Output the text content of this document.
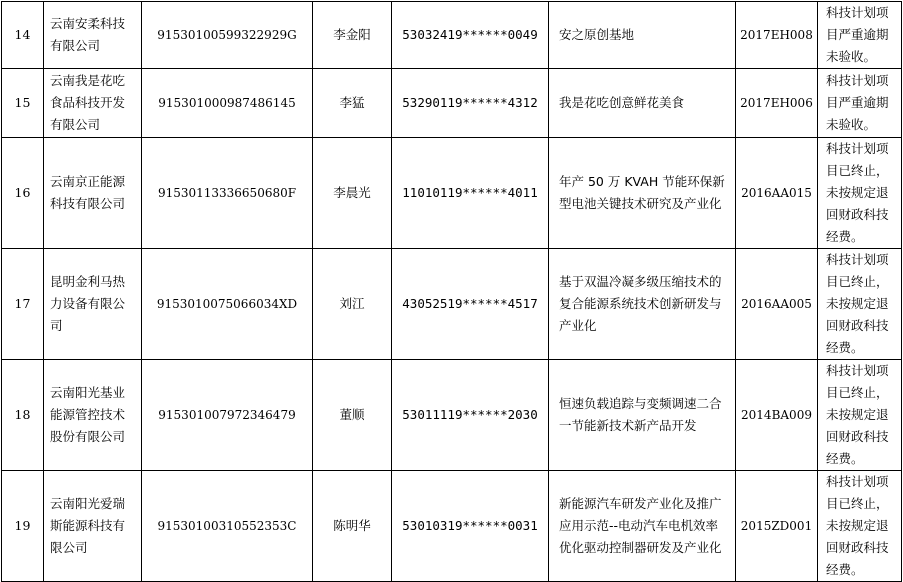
14	云南安柔科技有限公司	91530100599322929G	李金阳	53032419******0049	安之原创基地	2017EH008	科技计划项目严重逾期未验收。

15	云南我是花吃食品科技开发有限公司	915301000987486145	李猛	53290119******4312	我是花吃创意鲜花美食	2017EH006	科技计划项目严重逾期未验收。

16	云南京正能源科技有限公司	91530113336650680F	李晨光	11010119******4011	年产 50 万 KVAH 节能环保新型电池关键技术研究及产业化	2016AA015	科技计划项目已终止，未按规定退回财政科技经费。

17	昆明金利马热力设备有限公司	915301007506603​4XD	刘江	43052519******4517	基于双温冷凝多级压缩技术的复合能源系统技术创新研发与产业化	2016AA005	科技计划项目已终止，未按规定退回财政科技经费。

18	云南阳光基业能源管控技术股份有限公司	915301007972346479	董顺	53011119******2030	恒速负载追踪与变频调速二合一节能新技术新产品开发	2014BA009	科技计划项目已终止，未按规定退回财政科技经费。

19	云南阳光爱瑞斯能源科技有限公司	91530100310552353C	陈明华	53010319******0031	新能源汽车研发产业化及推广应用示范--电动汽车电机效率优化驱动控制器研发及产业化	2015ZD001	科技计划项目已终止，未按规定退回财政科技经费。
